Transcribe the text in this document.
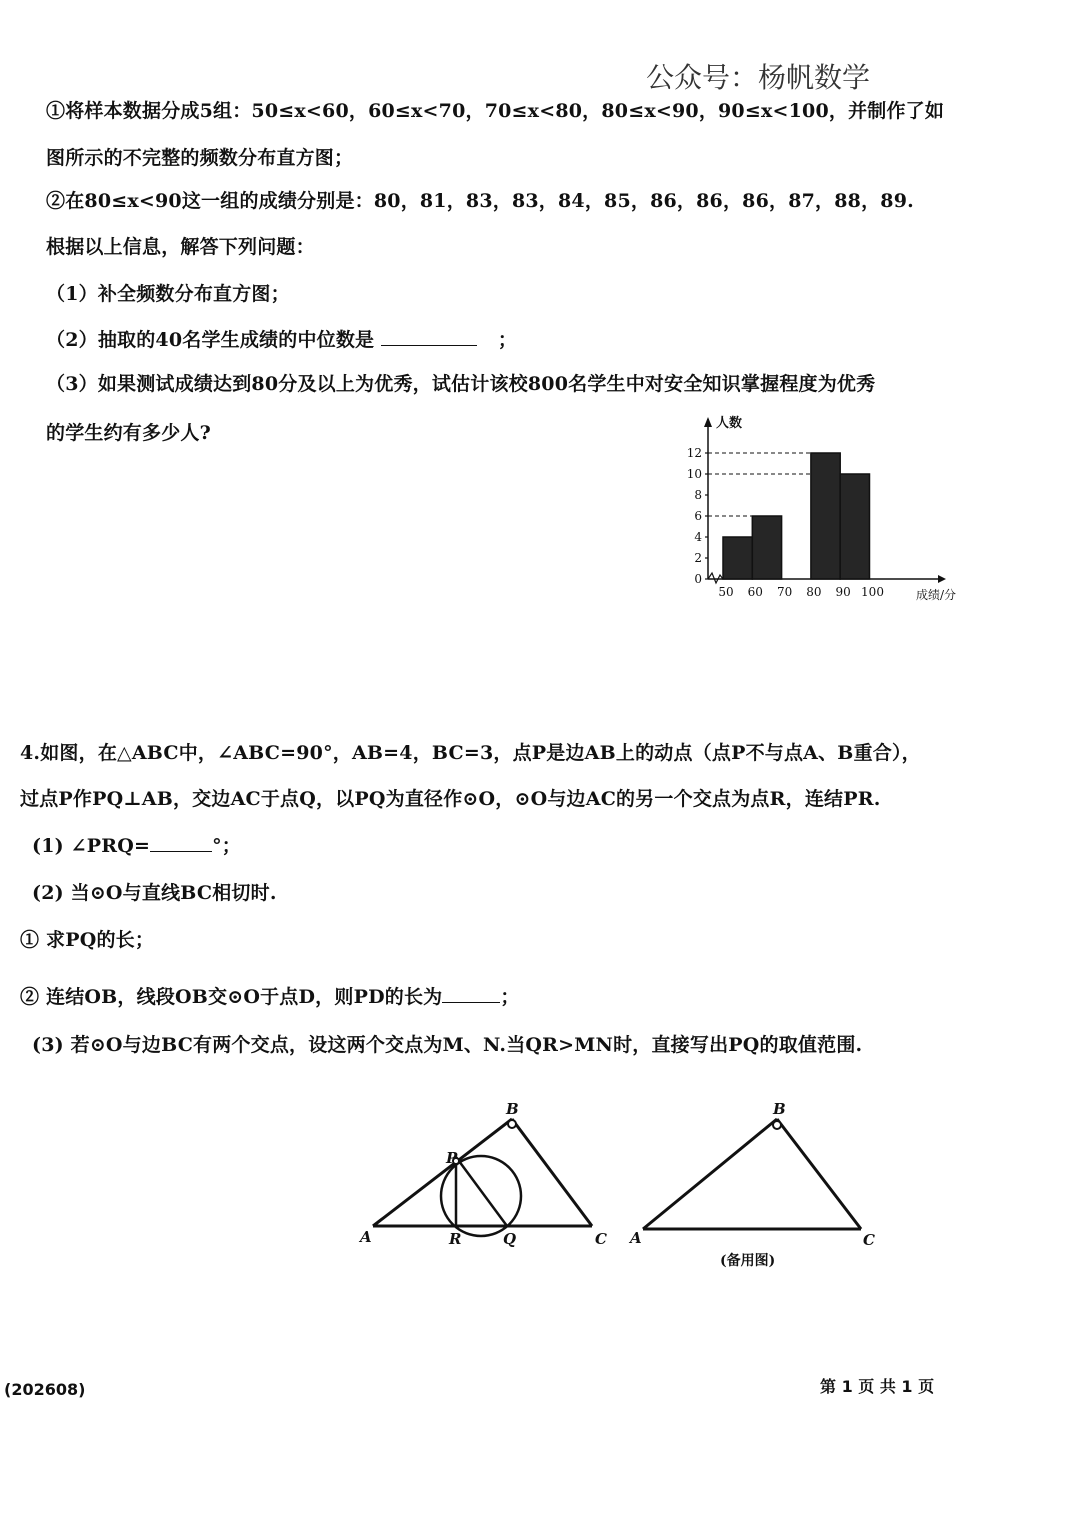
公众号：杨帆数学
①将样本数据分成5组：50≤x<60，60≤x<70，70≤x<80，80≤x<90，90≤x<100，并制作了如
图所示的不完整的频数分布直方图；
②在80≤x<90这一组的成绩分别是：80，81，83，83，84，85，86，86，86，87，88，89.
根据以上信息，解答下列问题：
（1）补全频数分布直方图；
（2）抽取的40名学生成绩的中位数是	；
（3）如果测试成绩达到80分及以上为优秀，试估计该校800名学生中对安全知识掌握程度为优秀
的学生约有多少人?
0
2
4
6
8
10
12
50 60 70 80 90 100
人数
成绩/分
4.如图，在△ABC中，∠ABC=90°，AB=4，BC=3，点P是边AB上的动点（点P不与点A、B重合），
过点P作PQ⊥AB，交边AC于点Q，以PQ为直径作⊙O，⊙O与边AC的另一个交点为点R，连结PR.
(1) ∠PRQ=	°；
(2) 当⊙O与直线BC相切时.
① 求PQ的长；
② 连结OB，线段OB交⊙O于点D，则PD的长为	；
(3) 若⊙O与边BC有两个交点，设这两个交点为M、N.当QR>MN时，直接写出PQ的取值范围.
A
B
C
P
R	Q	A
B
C
(备用图)
(202608)	第 1 页 共 1 页
